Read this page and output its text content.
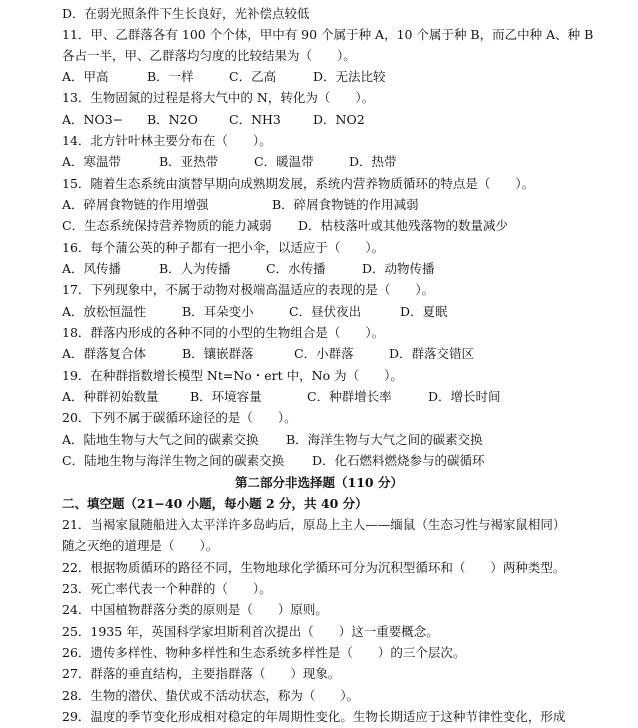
D．在弱光照条件下生长良好，光补偿点较低
11．甲、乙群落各有 100 个个体，甲中有 90 个属于种 A，10 个属于种 B，而乙中种 A、种 B
各占一半，甲、乙群落均匀度的比较结果为（　　）。
A．甲高	B．一样	C．乙高	D．无法比较
13．生物固氮的过程是将大气中的 N，转化为（　　）。
A．NO3− B．N2O C．NH3	D．NO2
14．北方针叶林主要分布在（　　）。
A．寒温带	B．亚热带	C．暖温带	D．热带
15．随着生态系统由演替早期向成熟期发展，系统内营养物质循环的特点是（　　）。
A．碎屑食物链的作用增强	B．碎屑食物链的作用减弱
C．生态系统保持营养物质的能力减弱 D．枯枝落叶或其他残落物的数量减少
16．每个蒲公英的种子都有一把小伞，以适应于（　　）。
A．风传播	B．人为传播	C．水传播	D．动物传播
17．下列现象中，不属于动物对极端高温适应的表现的是（　　）。
A．放松恒温性	B．耳朵变小	C．昼伏夜出	D．夏眠
18．群落内形成的各种不同的小型的生物组合是（　　）。
A．群落复合体	B．镶嵌群落	C．小群落	D．群落交错区
19．在种群指数增长模型 Nt=No・ert 中，No 为（　　）。
A．种群初始数量	B．环境容量	C．种群增长率	D．增长时间
20．下列不属于碳循环途径的是（　　）。
A．陆地生物与大气之间的碳素交换 B．海洋生物与大气之间的碳素交换
C．陆地生物与海洋生物之间的碳素交换 D．化石燃料燃烧参与的碳循环
第二部分非选择题（110 分）
二、填空题（21−40 小题，每小题 2 分，共 40 分）
21．当褐家鼠随船进入太平洋许多岛屿后，原岛上主人——缅鼠（生态习性与褐家鼠相同）
随之灭绝的道理是（　　）。
22．根据物质循环的路径不同，生物地球化学循环可分为沉积型循环和（　　）两种类型。
23．死亡率代表一个种群的（　　）。
24．中国植物群落分类的原则是（　　）原则。
25．1935 年，英国科学家坦斯利首次提出（　　）这一重要概念。
26．遗传多样性、物种多样性和生态系统多样性是（　　）的三个层次。
27．群落的垂直结构，主要指群落（　　）现象。
28．生物的潜伏、蛰伏或不活动状态，称为（　　）。
29．温度的季节变化形成相对稳定的年周期性变化。生物长期适应于这种节律性变化，形成
